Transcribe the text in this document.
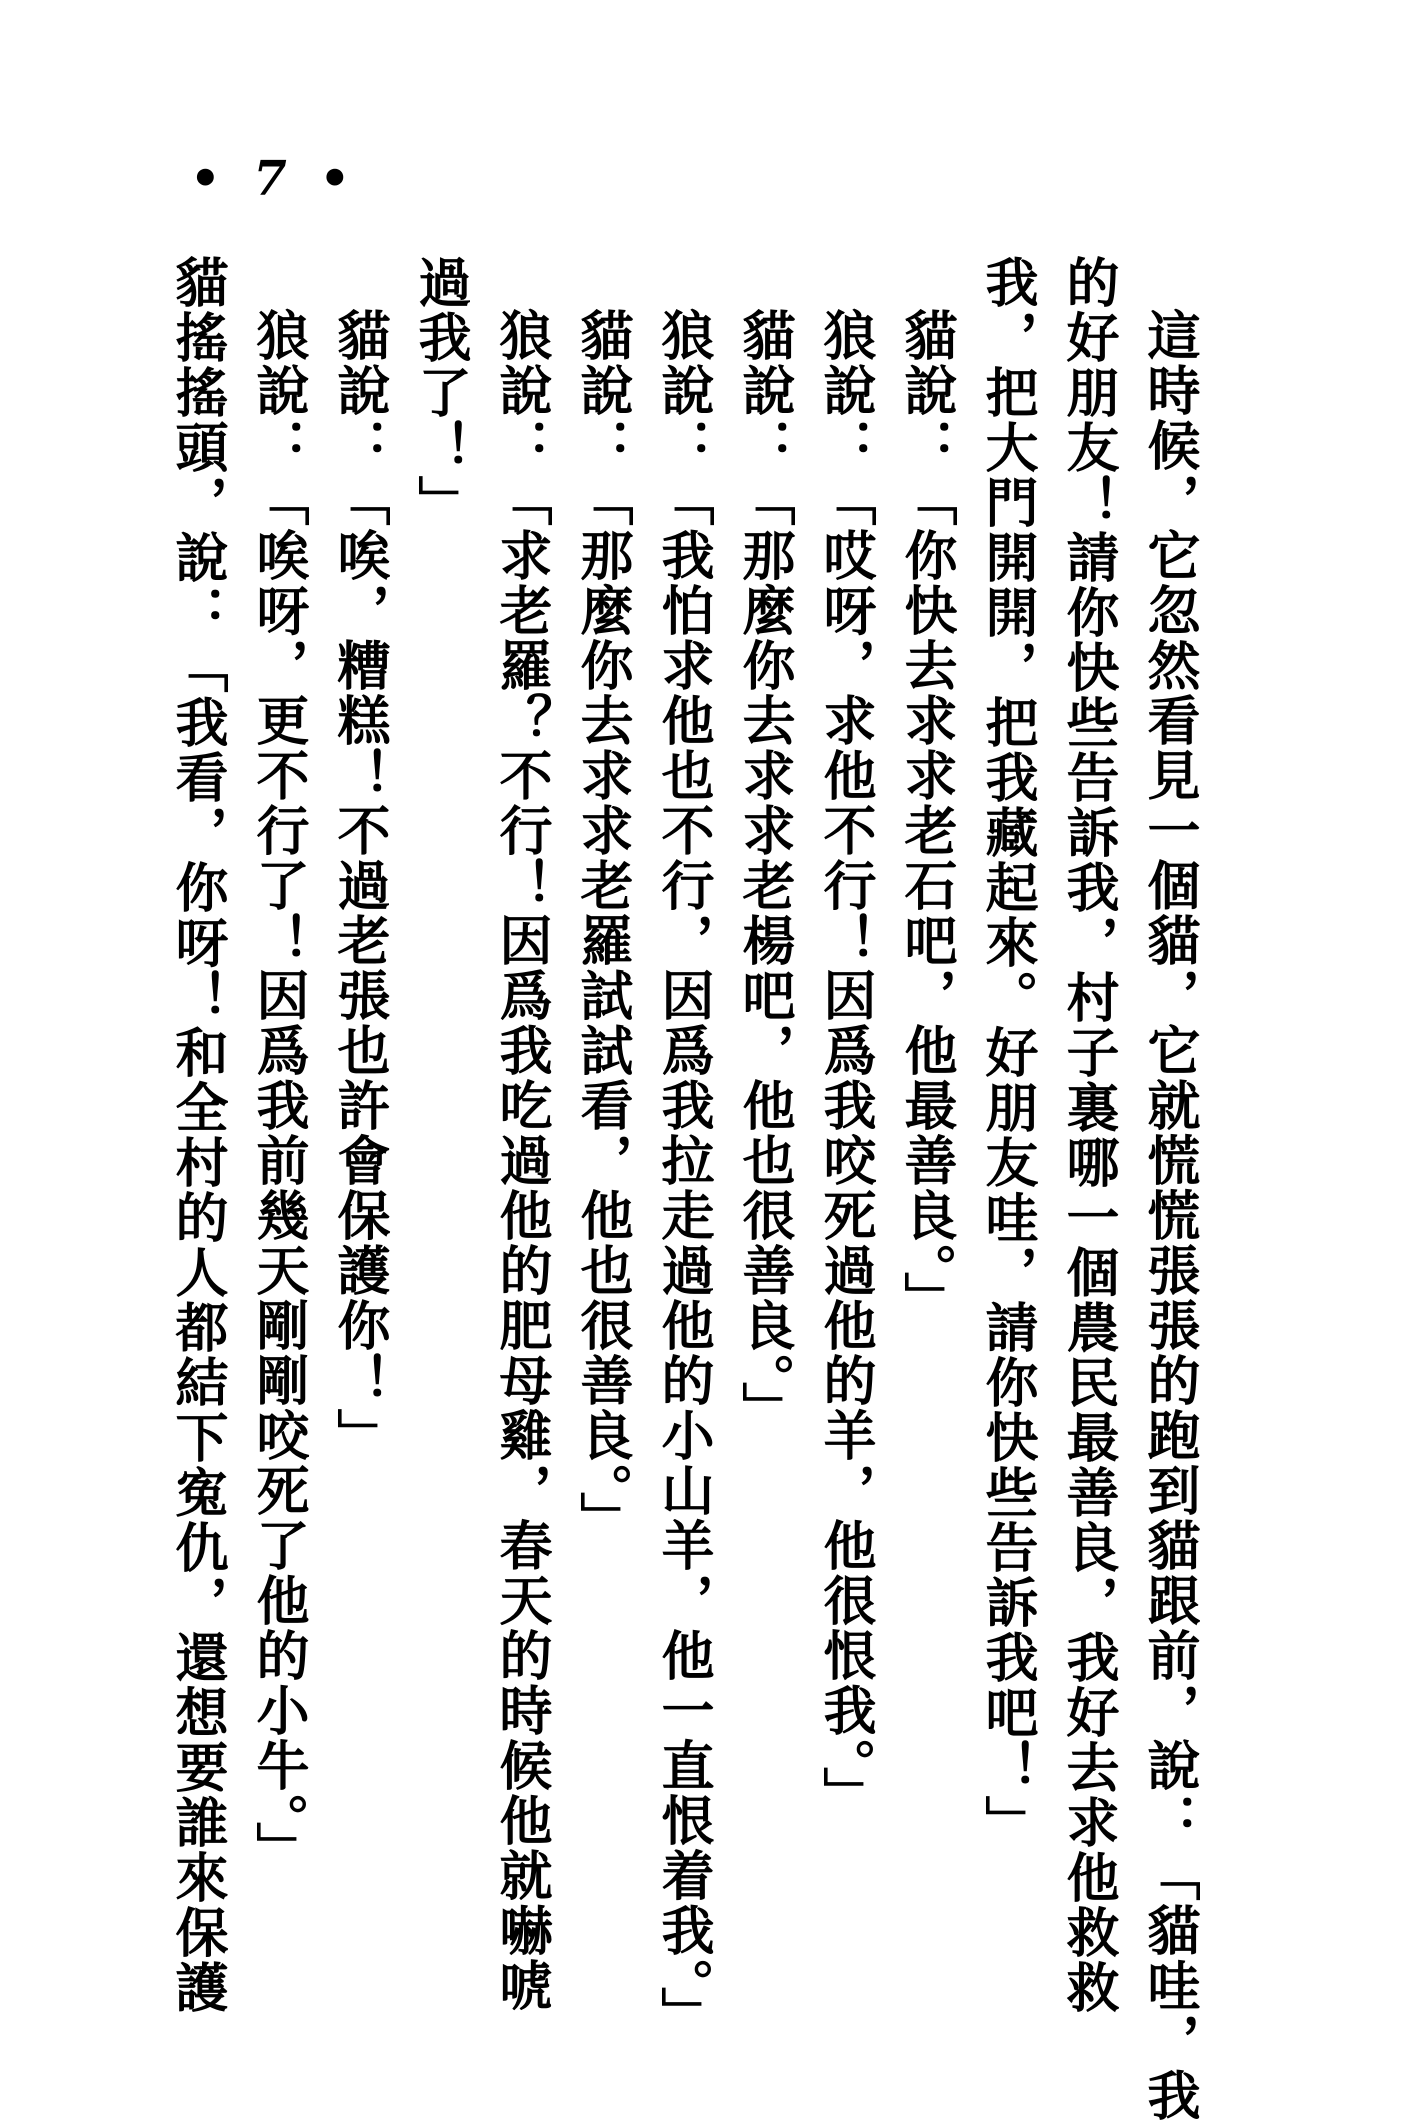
• 7 •
這時候，它忽然看見一個貓，它就慌慌張張的跑到貓跟前，說：「貓哇，我
的好朋友！請你快些告訴我，村子裏哪一個農民最善良，我好去求他救救
我，把大門開開，把我藏起來。好朋友哇，請你快些告訴我吧！」
貓說：「你快去求求老石吧，他最善良。」
狼說：「哎呀，求他不行！因爲我咬死過他的羊，他很恨我。」
貓說：「那麼你去求求老楊吧，他也很善良。」
狼說：「我怕求他也不行，因爲我拉走過他的小山羊，他一直恨着我。」
貓說：「那麼你去求求老羅試試看，他也很善良。」
狼說：「求老羅？不行！因爲我吃過他的肥母雞，春天的時候他就嚇唬
過我了！」
貓說：「唉，糟糕！不過老張也許會保護你！」
狼說：「唉呀，更不行了！因爲我前幾天剛剛咬死了他的小牛。」
貓搖搖頭，說：「我看，你呀！和全村的人都結下寃仇，還想要誰來保護
